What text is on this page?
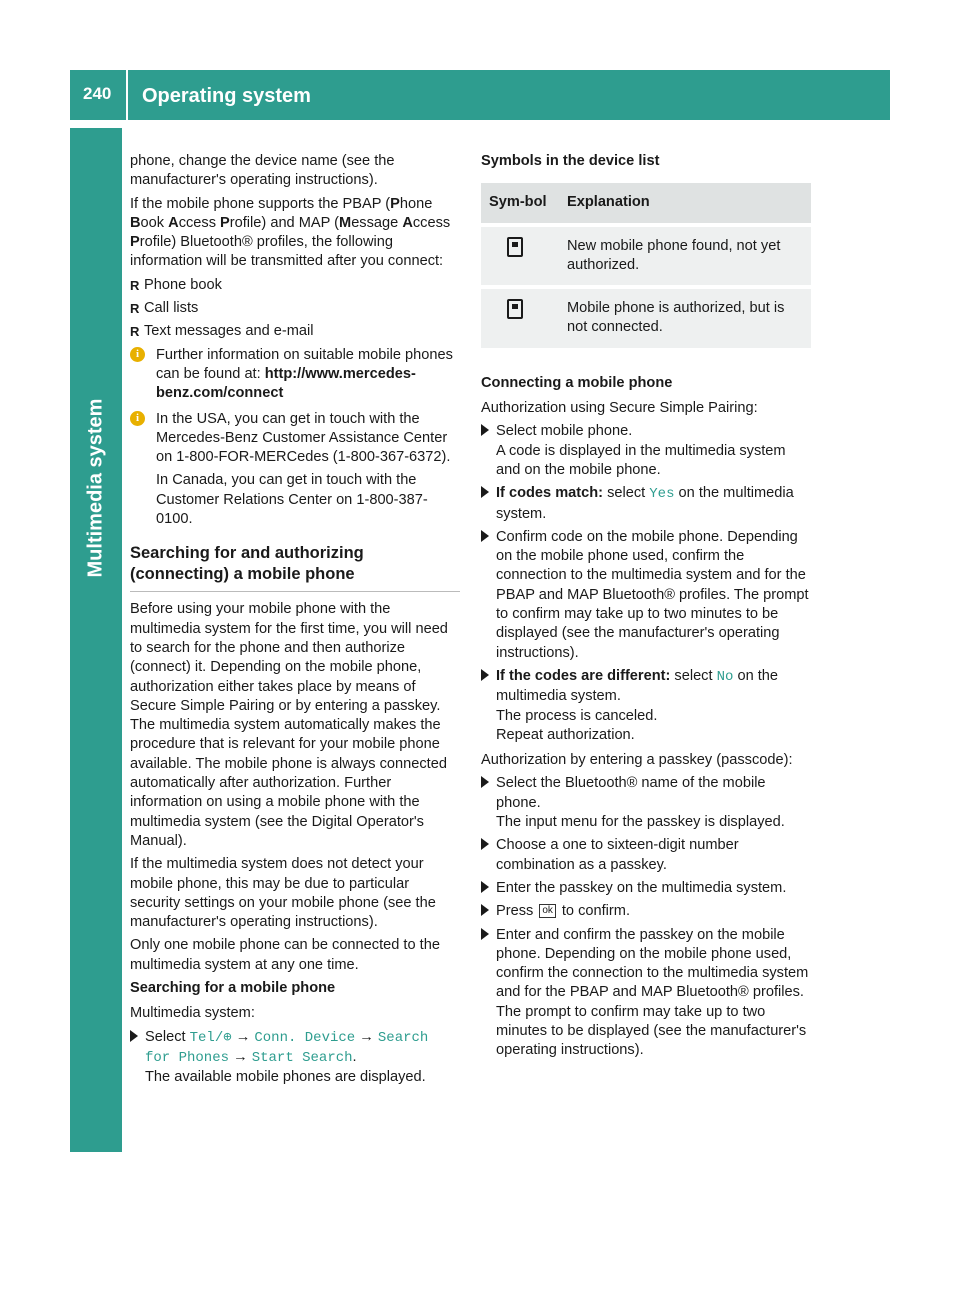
240 Operating system
Multimedia system

phone, change the device name (see the manufacturer's operating instructions).

If the mobile phone supports the PBAP (Phone Book Access Profile) and MAP (Message Access Profile) Bluetooth® profiles, the following information will be transmitted after you connect:

R Phone book
R Call lists
R Text messages and e-mail
i	Further information on suitable mobile phones can be found at: http://www.mercedes-benz.com/connect
i	In the USA, you can get in touch with the Mercedes-Benz Customer Assistance Center on 1-800-FOR-MERCedes (1-800-367-6372).

In Canada, you can get in touch with the Customer Relations Center on 1-800-387-0100.

Searching for and authorizing (connecting) a mobile phone

Before using your mobile phone with the multimedia system for the first time, you will need to search for the phone and then authorize (connect) it. Depending on the mobile phone, authorization either takes place by means of Secure Simple Pairing or by entering a passkey. The multimedia system automatically makes the procedure that is relevant for your mobile phone available. The mobile phone is always connected automatically after authorization. Further information on using a mobile phone with the multimedia system (see the Digital Operator's Manual).

If the multimedia system does not detect your mobile phone, this may be due to particular security settings on your mobile phone (see the manufacturer's operating instructions).

Only one mobile phone can be connected to the multimedia system at any one time.

Searching for a mobile phone

Multimedia system:

Select Tel/⊕ → Conn. Device → Search for Phones → Start Search.
The available mobile phones are displayed.
Symbols in the device list
Sym-bol	Explanation
	New mobile phone found, not yet authorized.
	Mobile phone is authorized, but is not connected.
Connecting a mobile phone

Authorization using Secure Simple Pairing:

Select mobile phone.
A code is displayed in the multimedia system and on the mobile phone.
If codes match: select Yes on the multimedia system.
Confirm code on the mobile phone. Depending on the mobile phone used, confirm the connection to the multimedia system and for the PBAP and MAP Bluetooth® profiles. The prompt to confirm may take up to two minutes to be displayed (see the manufacturer's operating instructions).
If the codes are different: select No on the multimedia system.
The process is canceled.
Repeat authorization.

Authorization by entering a passkey (passcode):

Select the Bluetooth® name of the mobile phone.
The input menu for the passkey is displayed.
Choose a one to sixteen-digit number combination as a passkey.
Enter the passkey on the multimedia system.
Press ok to confirm.
Enter and confirm the passkey on the mobile phone. Depending on the mobile phone used, confirm the connection to the multimedia system and for the PBAP and MAP Bluetooth® profiles. The prompt to confirm may take up to two minutes to be displayed (see the manufacturer's operating instructions).
